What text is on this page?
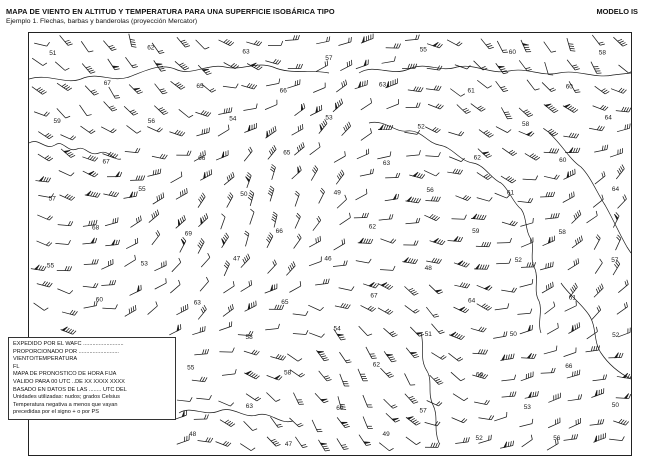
MAPA DE VIENTO EN ALTITUD Y TEMPERATURA PARA UNA SUPERFICIE ISOBÁRICA TIPO	MODELO IS
Ejemplo 1. Flechas, barbas y banderolas (proyección Mercator)
51
62
63
57
55	60	58
67	65
66
63
61
60
59	56	54	53
52	58
64
67	66
65
63
62	60
57
55
50	49	56	61	64
68
69	66
62
59	58
55	53
47	46
48
52	57
60	63	65
67
64	61
58
54
51	50	52
55
58
62
64
66
63	60	57
53	50
48
47
49
52	56
EXPEDIDO POR EL WAFC ..........................
PROPORCIONADO POR ..........................
VIENTO/TEMPERATURA
FL
MAPA DE PRONÓSTICO DE HORA FIJA
VÁLIDO PARA 00 UTC ..DE XX XXXX XXXX
BASADO EN DATOS DE LAS ........ UTC DEL
Unidades utilizadas: nudos; grados Celsius
Temperatura negativa a menos que vayan
precedidas por el signo + o por PS
